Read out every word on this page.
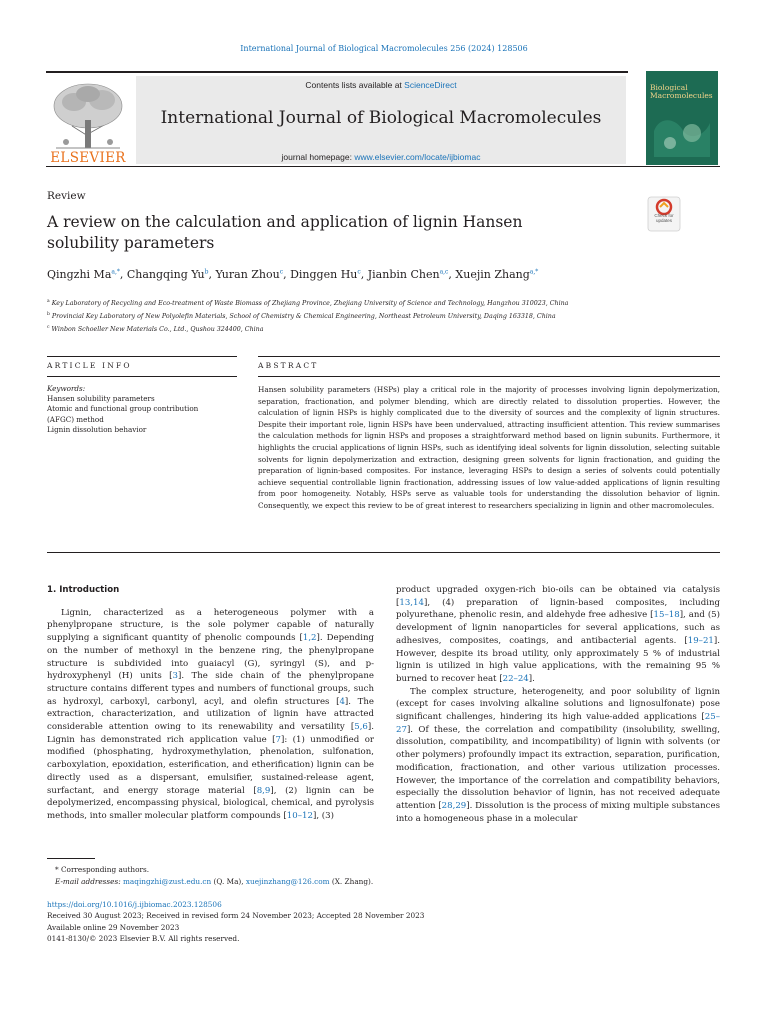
International Journal of Biological Macromolecules 256 (2024) 128506
ELSEVIER
Contents lists available at ScienceDirect
International Journal of Biological Macromolecules
journal homepage: www.elsevier.com/locate/ijbiomac
Biological Macromolecules
Review
A review on the calculation and application of lignin Hansen solubility parameters
Check for updates
Qingzhi $Ma^{a,*}$, Changqing Yu$^b$, Yuran Zhou$^c$, Dinggen Hu$^c$, Jianbin Chen$^{a,c}$, Xuejin Zhang$^{a,*}$
$^a$ Key Laboratory of Recycling and Eco-treatment of Waste Biomass of Zhejiang Province, Zhejiang University of Science and Technology, Hangzhou 310023, China
$^b$ Provincial Key Laboratory of New Polyolefin Materials, School of Chemistry & Chemical Engineering, Northeast Petroleum University, Daqing 163318, China
$^c$ Winbon Schoeller New Materials Co., Ltd., Qushou 324400, China
ARTICLE INFO	ABSTRACT
Keywords:
Hansen solubility parameters
Atomic and functional group contribution
(AFGC) method
Lignin dissolution behavior
Hansen solubility parameters (HSPs) play a critical role in the majority of processes involving lignin depolymerization, separation, fractionation, and polymer blending, which are directly related to dissolution properties. However, the calculation of lignin HSPs is highly complicated due to the diversity of sources and the complexity of lignin structures. Despite their important role, lignin HSPs have been undervalued, attracting insufficient attention. This review summarises the calculation methods for lignin HSPs and proposes a straightforward method based on lignin subunits. Furthermore, it highlights the crucial applications of lignin HSPs, such as identifying ideal solvents for lignin dissolution, selecting suitable solvents for lignin depolymerization and extraction, designing green solvents for lignin fractionation, and guiding the preparation of lignin-based composites. For instance, leveraging HSPs to design a series of solvents could potentially achieve sequential controllable lignin fractionation, addressing issues of low value-added applications of lignin resulting from poor homogeneity. Notably, HSPs serve as valuable tools for understanding the dissolution behavior of lignin. Consequently, we expect this review to be of great interest to researchers specializing in lignin and other macromolecules.
1. Introduction
Lignin, characterized as a heterogeneous polymer with a phenylpropane structure, is the sole polymer capable of naturally supplying a significant quantity of phenolic compounds [1,2]. Depending on the number of methoxyl in the benzene ring, the phenylpropane structure is subdivided into guaiacyl (G), syringyl (S), and p-hydroxyphenyl (H) units [3]. The side chain of the phenylpropane structure contains different types and numbers of functional groups, such as hydroxyl, carboxyl, carbonyl, acyl, and olefin structures [4]. The extraction, characterization, and utilization of lignin have attracted considerable attention owing to its renewability and versatility [5,6]. Lignin has demonstrated rich application value [7]: (1) unmodified or modified (phosphating, hydroxymethylation, phenolation, sulfonation, carboxylation, epoxidation, esterification, and etherification) lignin can be directly used as a dispersant, emulsifier, sustained-release agent, surfactant, and energy storage material [8,9], (2) lignin can be depolymerized, encompassing physical, biological, chemical, and pyrolysis methods, into smaller molecular platform compounds [10–12], (3)
product upgraded oxygen-rich bio-oils can be obtained via catalysis [13,14], (4) preparation of lignin-based composites, including polyurethane, phenolic resin, and aldehyde free adhesive [15–18], and (5) development of lignin nanoparticles for several applications, such as adhesives, composites, coatings, and antibacterial agents. [19–21]. However, despite its broad utility, only approximately 5 % of industrial lignin is utilized in high value applications, with the remaining 95 % burned to recover heat [22–24].
The complex structure, heterogeneity, and poor solubility of lignin (except for cases involving alkaline solutions and lignosulfonate) pose significant challenges, hindering its high value-added applications [25–27]. Of these, the correlation and compatibility (insolubility, swelling, dissolution, compatibility, and incompatibility) of lignin with solvents (or other polymers) profoundly impact its extraction, separation, purification, modification, fractionation, and other various utilization processes. However, the importance of the correlation and compatibility behaviors, especially the dissolution behavior of lignin, has not received adequate attention [28,29]. Dissolution is the process of mixing multiple substances into a homogeneous phase in a molecular
* Corresponding authors.
E-mail addresses: maqingzhi@zust.edu.cn (Q. Ma), xuejinzhang@126.com (X. Zhang).
https://doi.org/10.1016/j.ijbiomac.2023.128506
Received 30 August 2023; Received in revised form 24 November 2023; Accepted 28 November 2023
Available online 29 November 2023
0141-8130/© 2023 Elsevier B.V. All rights reserved.
